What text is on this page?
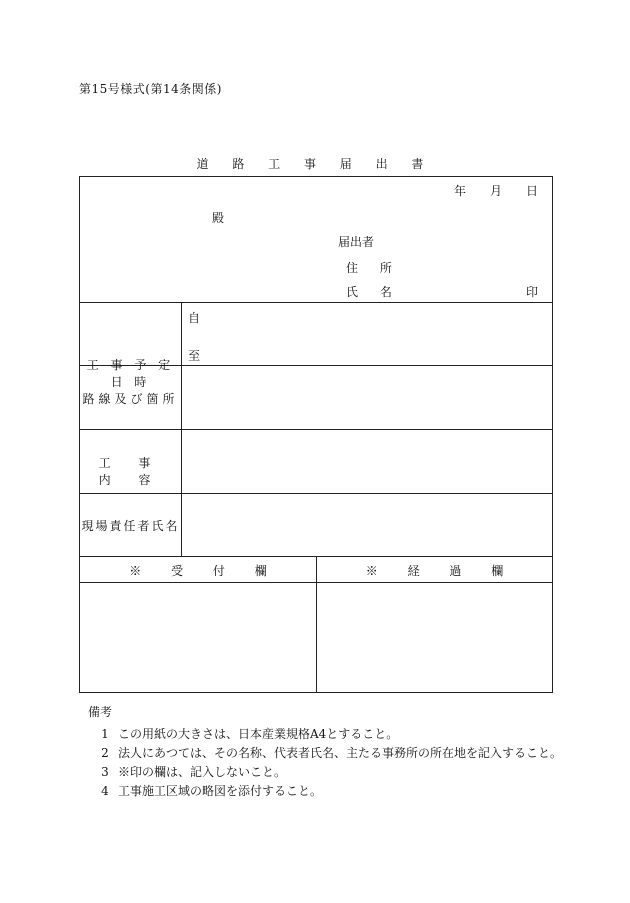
第15号様式(第14条関係)
道 路 工 事 届 出 書
年 月 日
殿
届出者
住 所
氏 名	印
工 事 予 定 日 時
自
至
路線及び箇所
工 事 内 容
現場責任者氏名
※ 受 付 欄	※ 経 過 欄
備考
1 この用紙の大きさは、日本産業規格A4とすること。
2 法人にあつては、その名称、代表者氏名、主たる事務所の所在地を記入すること。
3 ※印の欄は、記入しないこと。
4 工事施工区域の略図を添付すること。
